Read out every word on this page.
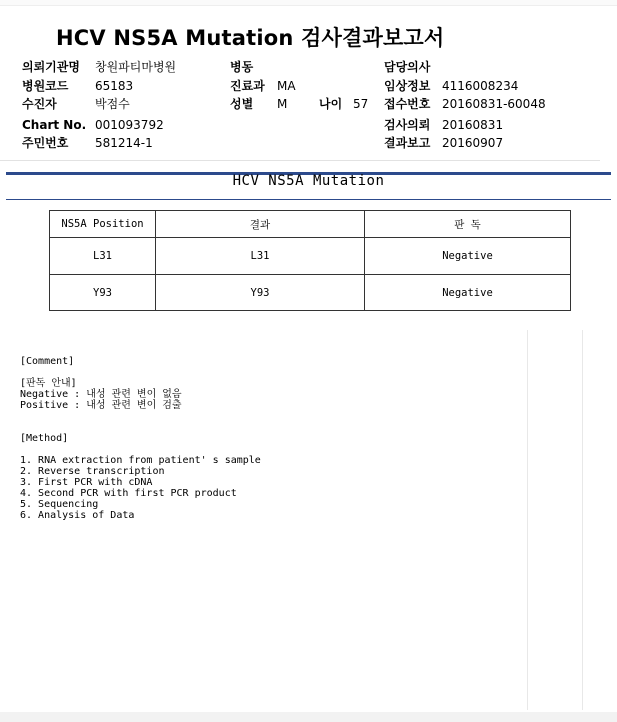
HCV NS5A Mutation 검사결과보고서
의뢰기관명 창원파티마병원	병동	담당의사
병원코드 65183	진료과 MA	임상정보 4116008234
수진자	박점수	성별 M	나이 57 접수번호 20160831-60048
Chart No. 001093792	검사의뢰 20160831
주민번호 581214-1	결과보고 20160907
HCV NS5A Mutation
NS5A Position	결과	판 독
L31	L31	Negative
Y93	Y93	Negative
[Comment]
[판독 안내]
Negative : 내성 관련 변이 없음
Positive : 내성 관련 변이 검출
[Method]
1. RNA extraction from patient' s sample
2. Reverse transcription
3. First PCR with cDNA
4. Second PCR with first PCR product
5. Sequencing
6. Analysis of Data
